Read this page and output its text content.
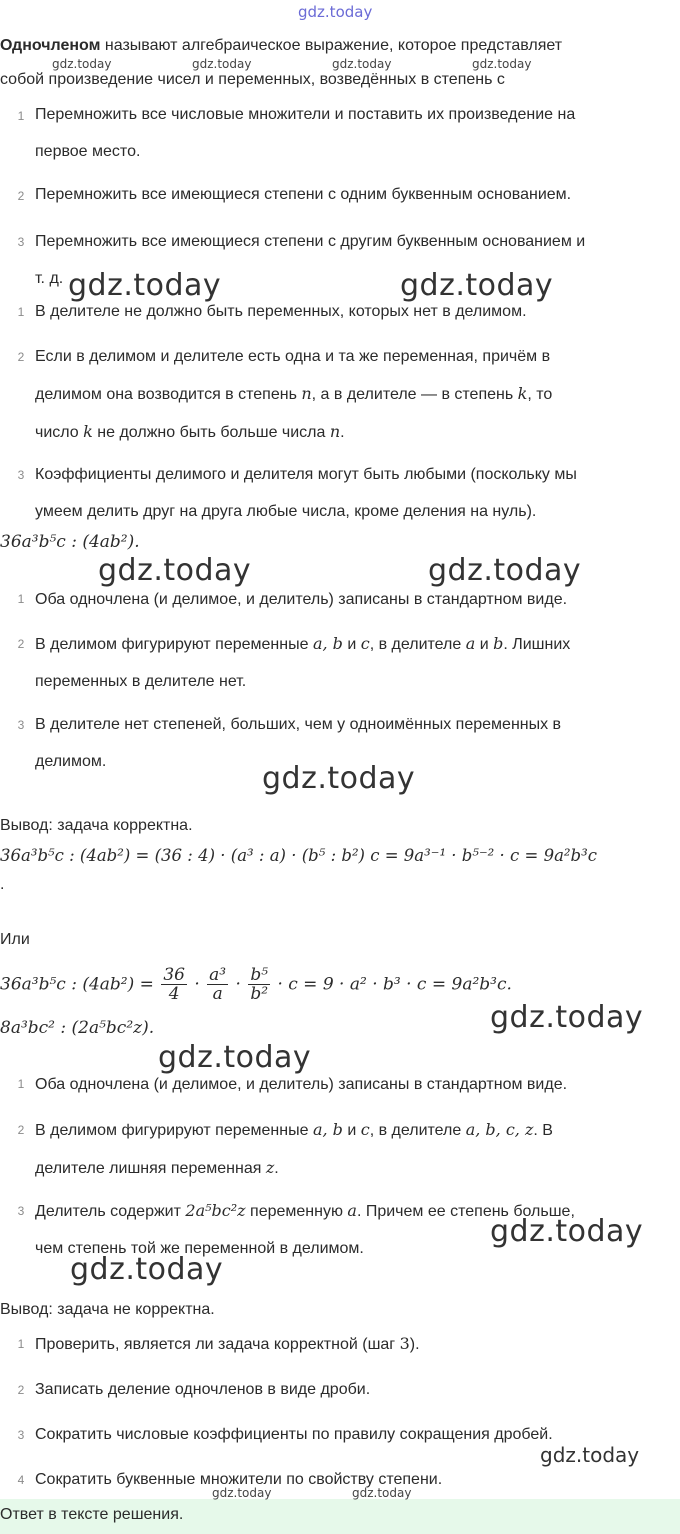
gdz.today
Одночленом называют алгебраическое выражение, которое представляет
gdz.today	gdz.today	gdz.today	gdz.today
собой произведение чисел и переменных, возведённых в степень с
1 Перемножить все числовые множители и поставить их произведение на
первое место.
2 Перемножить все имеющиеся степени с одним буквенным основанием.
3 Перемножить все имеющиеся степени с другим буквенным основанием и
т. д. gdz.today	gdz.today
1 В делителе не должно быть переменных, которых нет в делимом.
2 Если в делимом и делителе есть одна и та же переменная, причём в
делимом она возводится в степень n, а в делителе — в степень k, то
число k не должно быть больше числа n.
3 Коэффициенты делимого и делителя могут быть любыми (поскольку мы
умеем делить друг на друга любые числа, кроме деления на нуль).
36a³b⁵c : (4ab²).
gdz.today	gdz.today
1 Оба одночлена (и делимое, и делитель) записаны в стандартном виде.
2 В делимом фигурируют переменные a, b и c, в делителе a и b. Лишних
переменных в делителе нет.
3 В делителе нет степеней, больших, чем у одноимённых переменных в
делимом.	gdz.today
Вывод: задача корректна.
36a³b⁵c : (4ab²) = (36 : 4) · (a³ : a) · (b⁵ : b²) c = 9a³⁻¹ · b⁵⁻² · c = 9a²b³c
.
Или
36a³b⁵c : $(4ab^2) = \frac{36}{4} \cdot \frac{\text{a³}}{a} \cdot \frac{\text{b⁵}}{\text{b²}} \cdot c = 9 \cdot a^2 \cdot b^3 \cdot c = 9a^2b^3c$.
8a³bc² : (2a⁵bc²z).	gdz.today
gdz.today
1 Оба одночлена (и делимое, и делитель) записаны в стандартном виде.
2 В делимом фигурируют переменные a, b и c, в делителе a, b, c, z. В
делителе лишняя переменная z.
3 Делитель содержит 2a⁵bc²z переменную a. Причем ее степень больше,
чем степень той же переменной в делимом.	gdz.today
gdz.today
Вывод: задача не корректна.
1 Проверить, является ли задача корректной (шаг 3).
2 Записать деление одночленов в виде дроби.
3 Сократить числовые коэффициенты по правилу сокращения дробей.
gdz.today
4 Сократить буквенные множители по свойству степени.
Ответ в тексте решения.
gdz.today	gdz.today
